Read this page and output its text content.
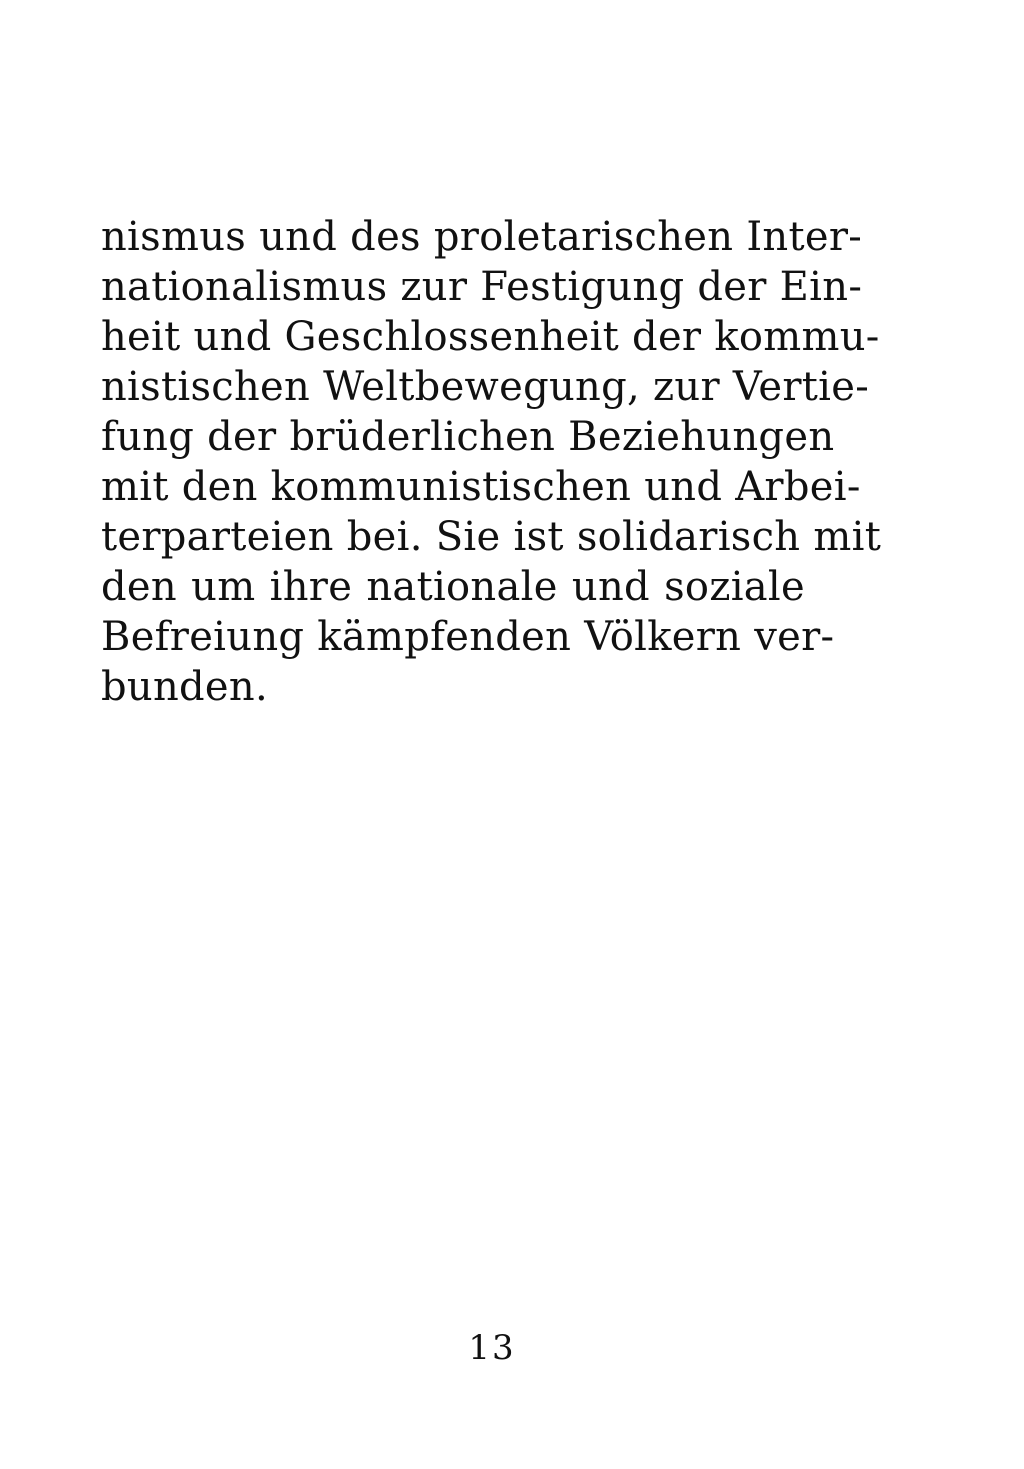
nismus und des proletarischen Inter-
nationalismus zur Festigung der Ein-
heit und Geschlossenheit der kommu-
nistischen Weltbewegung, zur Vertie-
fung der brüderlichen Beziehungen
mit den kommunistischen und Arbei-
terparteien bei. Sie ist solidarisch mit
den um ihre nationale und soziale
Befreiung kämpfenden Völkern ver-
bunden.
13
